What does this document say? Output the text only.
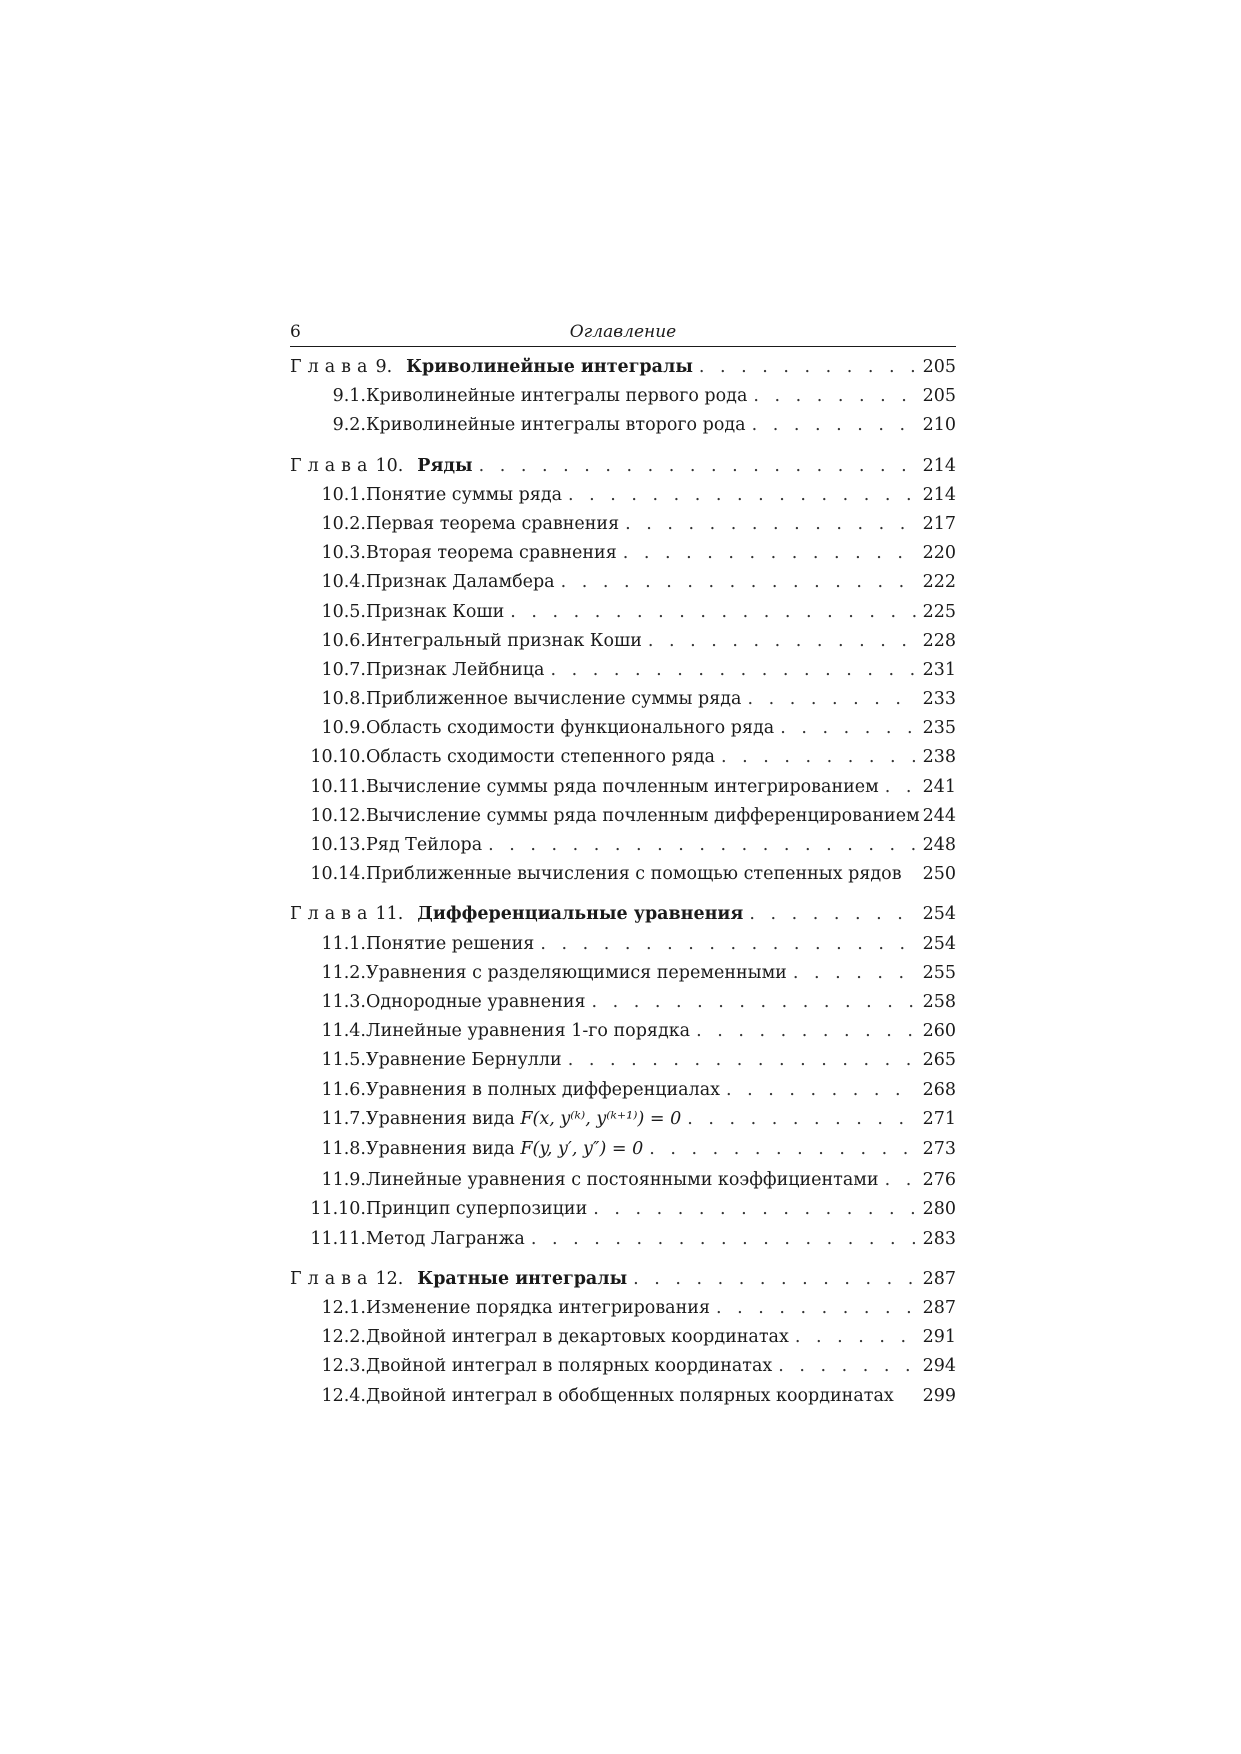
6	Оглавление
Глава 9. Криволинейные интегралы . . .	205
9.1. Криволинейные интегралы первого рода . . .	205
9.2. Криволинейные интегралы второго рода . . .	210
Глава 10. Ряды . . .	214
10.1. Понятие суммы ряда . . .	214
10.2. Первая теорема сравнения . . .	217
10.3. Вторая теорема сравнения . . .	220
10.4. Признак Даламбера . . .	222
10.5. Признак Коши . . .	225
10.6. Интегральный признак Коши . . .	228
10.7. Признак Лейбница . . .	231
10.8. Приближенное вычисление суммы ряда . . .	233
10.9. Область сходимости функционального ряда . . .	235
10.10. Область сходимости степенного ряда . . .	238
10.11. Вычисление суммы ряда почленным интегрированием . . .	241
10.12. Вычисление суммы ряда почленным дифференцированием 244
10.13. Ряд Тейлора . . .	248
10.14. Приближенные вычисления с помощью степенных рядов 250
Глава 11. Дифференциальные уравнения . . .	254
11.1. Понятие решения . . .	254
11.2. Уравнения с разделяющимися переменными . . .	255
11.3. Однородные уравнения . . .	258
11.4. Линейные уравнения 1-го порядка . . .	260
11.5. Уравнение Бернулли . . .	265
11.6. Уравнения в полных дифференциалах . . .	268
11.7. Уравнения вида F(x, y⁽ᵏ⁾, y⁽ᵏ⁺¹⁾) = 0 . . .	271
11.8. Уравнения вида F(y, y′, y″) = 0 . . .	273
11.9. Линейные уравнения с постоянными коэффициентами . . .	276
11.10. Принцип суперпозиции . . .	280
11.11. Метод Лагранжа . . .	283
Глава 12. Кратные интегралы . . .	287
12.1. Изменение порядка интегрирования . . .	287
12.2. Двойной интеграл в декартовых координатах . . .	291
12.3. Двойной интеграл в полярных координатах . . .	294
12.4. Двойной интеграл в обобщенных полярных координатах 299
